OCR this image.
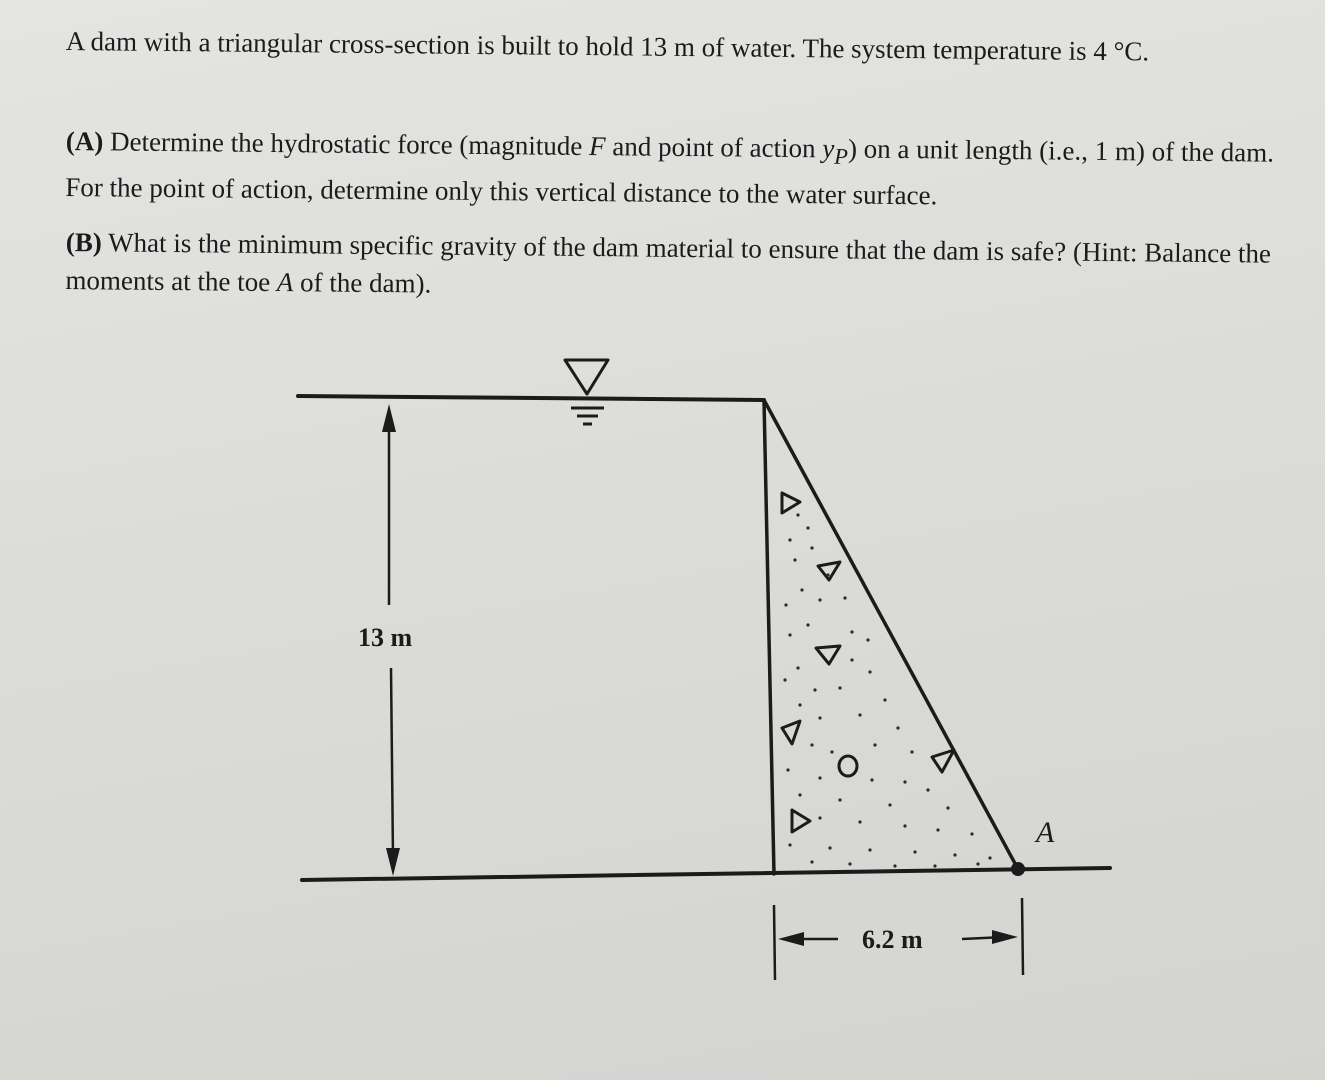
A dam with a triangular cross-section is built to hold 13 m of water. The system temperature is 4 °C.

(A) Determine the hydrostatic force (magnitude F and point of action $y_P$) on a unit length (i.e., 1 m) of the dam. For the point of action, determine only this vertical distance to the water surface.

(B) What is the minimum specific gravity of the dam material to ensure that the dam is safe? (Hint: Balance the moments at the toe A of the dam).

13 m
6.2 m
A
